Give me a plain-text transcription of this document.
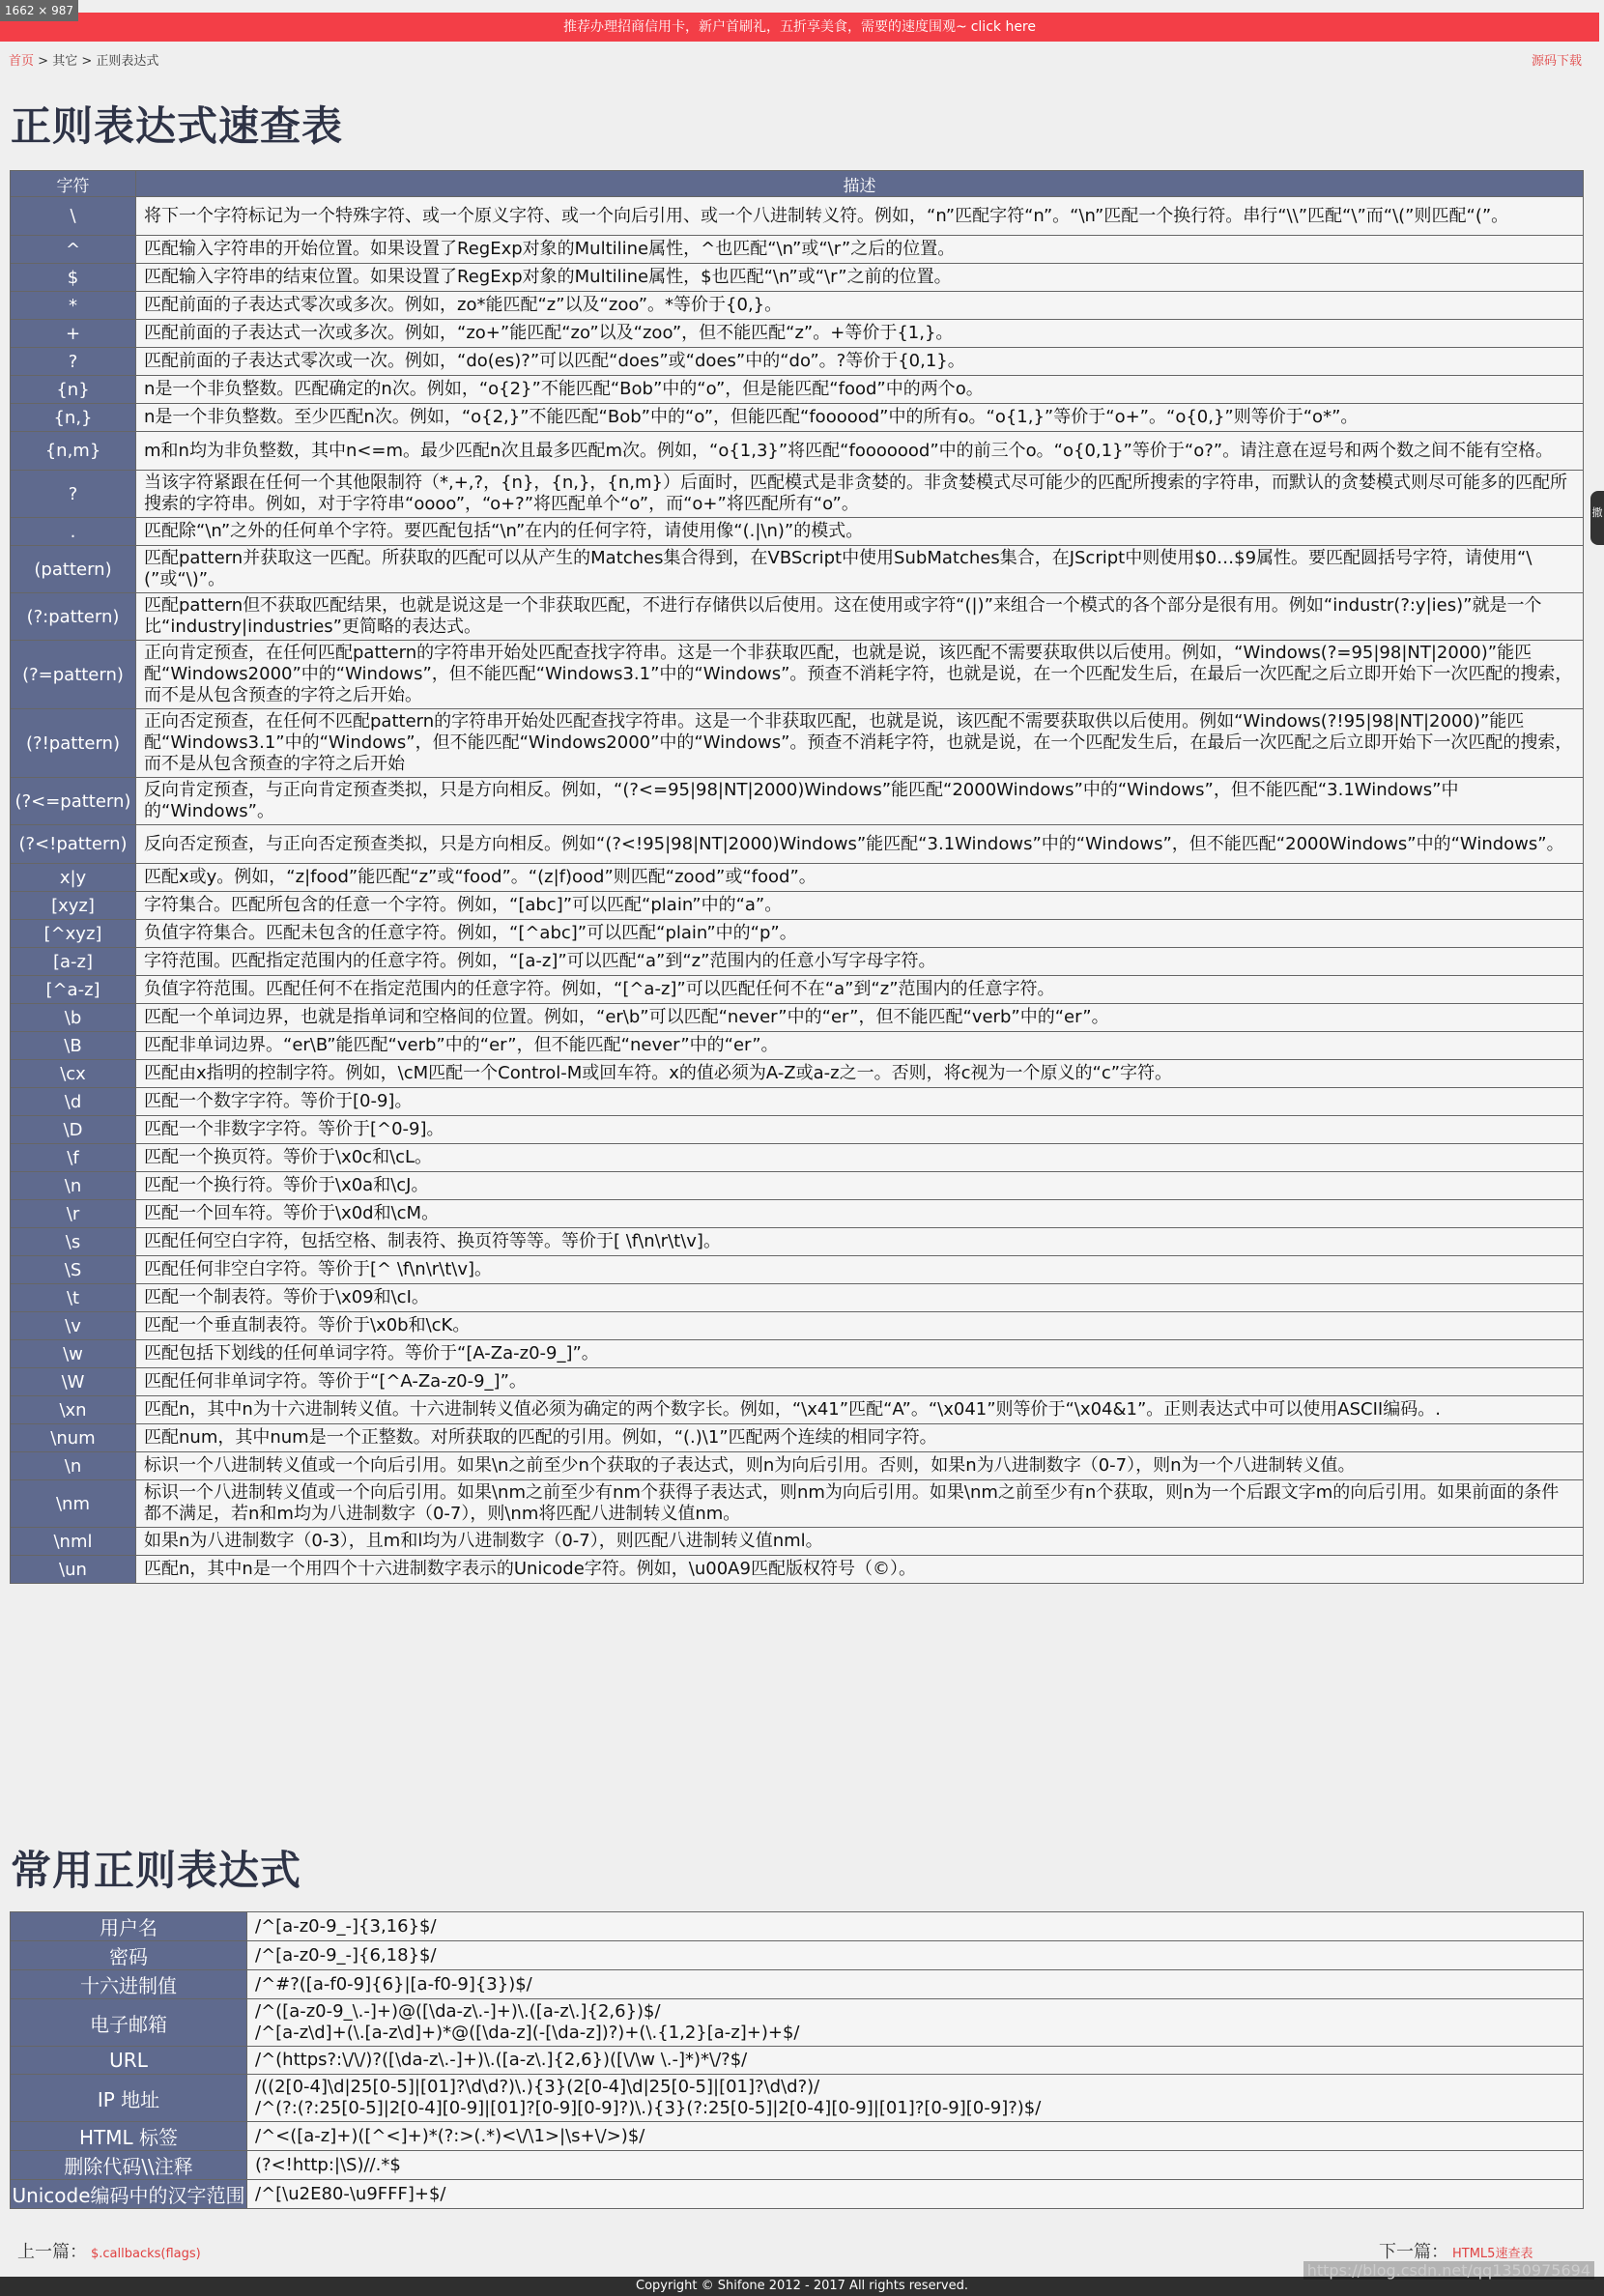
1662 × 987
推荐办理招商信用卡，新户首刷礼，五折享美食，需要的速度围观~ click here
首页 > 其它 > 正则表达式	源码下载
正则表达式速查表
字符	描述
\	将下一个字符标记为一个特殊字符、或一个原义字符、或一个向后引用、或一个八进制转义符。例如，“n”匹配字符“n”。“\n”匹配一个换行符。串行“\\”匹配“\”而“\(”则匹配“(”。
^	匹配输入字符串的开始位置。如果设置了RegExp对象的Multiline属性，^也匹配“\n”或“\r”之后的位置。
$	匹配输入字符串的结束位置。如果设置了RegExp对象的Multiline属性，$也匹配“\n”或“\r”之前的位置。
*	匹配前面的子表达式零次或多次。例如，zo*能匹配“z”以及“zoo”。*等价于{0,}。
+	匹配前面的子表达式一次或多次。例如，“zo+”能匹配“zo”以及“zoo”，但不能匹配“z”。+等价于{1,}。
?	匹配前面的子表达式零次或一次。例如，“do(es)?”可以匹配“does”或“does”中的“do”。?等价于{0,1}。
{n}	n是一个非负整数。匹配确定的n次。例如，“o{2}”不能匹配“Bob”中的“o”，但是能匹配“food”中的两个o。
{n,}	n是一个非负整数。至少匹配n次。例如，“o{2,}”不能匹配“Bob”中的“o”，但能匹配“foooood”中的所有o。“o{1,}”等价于“o+”。“o{0,}”则等价于“o*”。
{n,m}	m和n均为非负整数，其中n<=m。最少匹配n次且最多匹配m次。例如，“o{1,3}”将匹配“fooooood”中的前三个o。“o{0,1}”等价于“o?”。请注意在逗号和两个数之间不能有空格。
?	当该字符紧跟在任何一个其他限制符（*,+,?，{n}，{n,}，{n,m}）后面时，匹配模式是非贪婪的。非贪婪模式尽可能少的匹配所搜索的字符串，而默认的贪婪模式则尽可能多的匹配所搜索的字符串。例如，对于字符串“oooo”，“o+?”将匹配单个“o”，而“o+”将匹配所有“o”。
.	匹配除“\n”之外的任何单个字符。要匹配包括“\n”在内的任何字符，请使用像“(.|\n)”的模式。
(pattern)	匹配pattern并获取这一匹配。所获取的匹配可以从产生的Matches集合得到，在VBScript中使用SubMatches集合，在JScript中则使用$0…$9属性。要匹配圆括号字符，请使用“\(”或“\)”。
(?:pattern)	匹配pattern但不获取匹配结果，也就是说这是一个非获取匹配，不进行存储供以后使用。这在使用或字符“(|)”来组合一个模式的各个部分是很有用。例如“industr(?:y|ies)”就是一个比“industry|industries”更简略的表达式。
(?=pattern)	正向肯定预查，在任何匹配pattern的字符串开始处匹配查找字符串。这是一个非获取匹配，也就是说，该匹配不需要获取供以后使用。例如，“Windows(?=95|98|NT|2000)”能匹配“Windows2000”中的“Windows”，但不能匹配“Windows3.1”中的“Windows”。预查不消耗字符，也就是说，在一个匹配发生后，在最后一次匹配之后立即开始下一次匹配的搜索，而不是从包含预查的字符之后开始。
(?!pattern)	正向否定预查，在任何不匹配pattern的字符串开始处匹配查找字符串。这是一个非获取匹配，也就是说，该匹配不需要获取供以后使用。例如“Windows(?!95|98|NT|2000)”能匹配“Windows3.1”中的“Windows”，但不能匹配“Windows2000”中的“Windows”。预查不消耗字符，也就是说，在一个匹配发生后，在最后一次匹配之后立即开始下一次匹配的搜索，而不是从包含预查的字符之后开始
(?<=pattern)	反向肯定预查，与正向肯定预查类拟，只是方向相反。例如，“(?<=95|98|NT|2000)Windows”能匹配“2000Windows”中的“Windows”，但不能匹配“3.1Windows”中的“Windows”。
(?<!pattern)	反向否定预查，与正向否定预查类拟，只是方向相反。例如“(?<!95|98|NT|2000)Windows”能匹配“3.1Windows”中的“Windows”，但不能匹配“2000Windows”中的“Windows”。
x|y	匹配x或y。例如，“z|food”能匹配“z”或“food”。“(z|f)ood”则匹配“zood”或“food”。
[xyz]	字符集合。匹配所包含的任意一个字符。例如，“[abc]”可以匹配“plain”中的“a”。
[^xyz]	负值字符集合。匹配未包含的任意字符。例如，“[^abc]”可以匹配“plain”中的“p”。
[a-z]	字符范围。匹配指定范围内的任意字符。例如，“[a-z]”可以匹配“a”到“z”范围内的任意小写字母字符。
[^a-z]	负值字符范围。匹配任何不在指定范围内的任意字符。例如，“[^a-z]”可以匹配任何不在“a”到“z”范围内的任意字符。
\b	匹配一个单词边界，也就是指单词和空格间的位置。例如，“er\b”可以匹配“never”中的“er”，但不能匹配“verb”中的“er”。
\B	匹配非单词边界。“er\B”能匹配“verb”中的“er”，但不能匹配“never”中的“er”。
\cx	匹配由x指明的控制字符。例如，\cM匹配一个Control-M或回车符。x的值必须为A-Z或a-z之一。否则，将c视为一个原义的“c”字符。
\d	匹配一个数字字符。等价于[0-9]。
\D	匹配一个非数字字符。等价于[^0-9]。
\f	匹配一个换页符。等价于\x0c和\cL。
\n	匹配一个换行符。等价于\x0a和\cJ。
\r	匹配一个回车符。等价于\x0d和\cM。
\s	匹配任何空白字符，包括空格、制表符、换页符等等。等价于[ \f\n\r\t\v]。
\S	匹配任何非空白字符。等价于[^ \f\n\r\t\v]。
\t	匹配一个制表符。等价于\x09和\cI。
\v	匹配一个垂直制表符。等价于\x0b和\cK。
\w	匹配包括下划线的任何单词字符。等价于“[A-Za-z0-9_]”。
\W	匹配任何非单词字符。等价于“[^A-Za-z0-9_]”。
\xn	匹配n，其中n为十六进制转义值。十六进制转义值必须为确定的两个数字长。例如，“\x41”匹配“A”。“\x041”则等价于“\x04&1”。正则表达式中可以使用ASCII编码。.
\num	匹配num，其中num是一个正整数。对所获取的匹配的引用。例如，“(.)\1”匹配两个连续的相同字符。
\n	标识一个八进制转义值或一个向后引用。如果\n之前至少n个获取的子表达式，则n为向后引用。否则，如果n为八进制数字（0-7），则n为一个八进制转义值。
\nm	标识一个八进制转义值或一个向后引用。如果\nm之前至少有nm个获得子表达式，则nm为向后引用。如果\nm之前至少有n个获取，则n为一个后跟文字m的向后引用。如果前面的条件都不满足，若n和m均为八进制数字（0-7），则\nm将匹配八进制转义值nm。
\nml	如果n为八进制数字（0-3），且m和l均为八进制数字（0-7），则匹配八进制转义值nml。
\un	匹配n，其中n是一个用四个十六进制数字表示的Unicode字符。例如，\u00A9匹配版权符号（©）。
常用正则表达式
用户名	/^[a-z0-9_-]{3,16}$/
密码	/^[a-z0-9_-]{6,18}$/
十六进制值	/^#?([a-f0-9]{6}|[a-f0-9]{3})$/
电子邮箱	/^([a-z0-9_\.-]+)@([\da-z\.-]+)\.([a-z\.]{2,6})$/
/^[a-z\d]+(\.[a-z\d]+)*@([\da-z](-[\da-z])?)+(\.{1,2}[a-z]+)+$/
URL	/^(https?:\/\/)?([\da-z\.-]+)\.([a-z\.]{2,6})([\/\w \.-]*)*\/?$/
IP 地址	/((2[0-4]\d|25[0-5]|[01]?\d\d?)\.){3}(2[0-4]\d|25[0-5]|[01]?\d\d?)/
/^(?:(?:25[0-5]|2[0-4][0-9]|[01]?[0-9][0-9]?)\.){3}(?:25[0-5]|2[0-4][0-9]|[01]?[0-9][0-9]?)$/
HTML 标签	/^<([a-z]+)([^<]+)*(?:>(.*)<\/\1>|\s+\/>)$/
删除代码\\注释	(?<!http:|\S)//.*$
Unicode编码中的汉字范围	/^[\u2E80-\u9FFF]+$/
上一篇： $.callbacks(flags)	下一篇： HTML5速查表
Copyright © Shifone 2012 - 2017 All rights reserved.
https://blog.csdn.net/qq1350975694
撒
